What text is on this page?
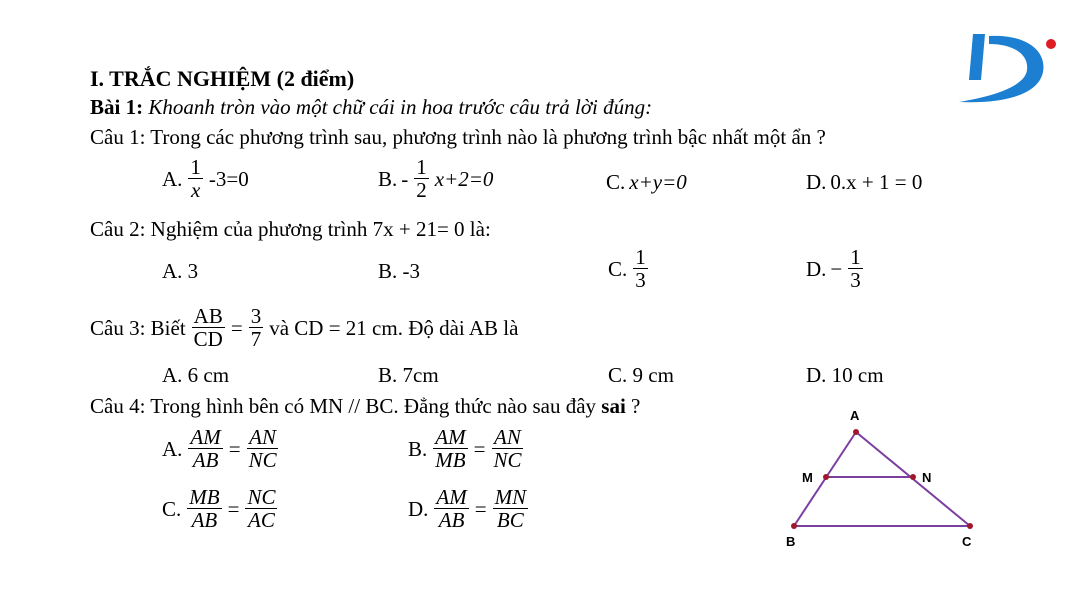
I. TRẮC NGHIỆM (2 điểm)
Bài 1: Khoanh tròn vào một chữ cái in hoa trước câu trả lời đúng:
Câu 1: Trong các phương trình sau, phương trình nào là phương trình bậc nhất một ẩn ?
A. $\frac{1}{x} -3=0$	B. - $\frac{1}{2} x+2=0$	C. x+y=0	D. 0.x + 1 = 0
Câu 2: Nghiệm của phương trình 7x + 21= 0 là:
A. 3	B. -3	C. $\frac{1}{3}$	D. − $\frac{1}{3}$
Câu 3: Biết $\frac{AB}{CD} = \frac{3}{7}$ và CD = 21 cm. Độ dài AB là
A. 6 cm	B. 7cm	C. 9 cm	D. 10 cm
Câu 4: Trong hình bên có MN // BC. Đẳng thức nào sau đây sai ?
A. $\frac{AM}{AB} = \frac{AN}{NC}$	B. $\frac{AM}{MB} = \frac{AN}{NC}$
C. $\frac{MB}{AB} = \frac{NC}{AC}$	D. $\frac{AM}{AB} = \frac{MN}{BC}$
A
B	C
M	N
